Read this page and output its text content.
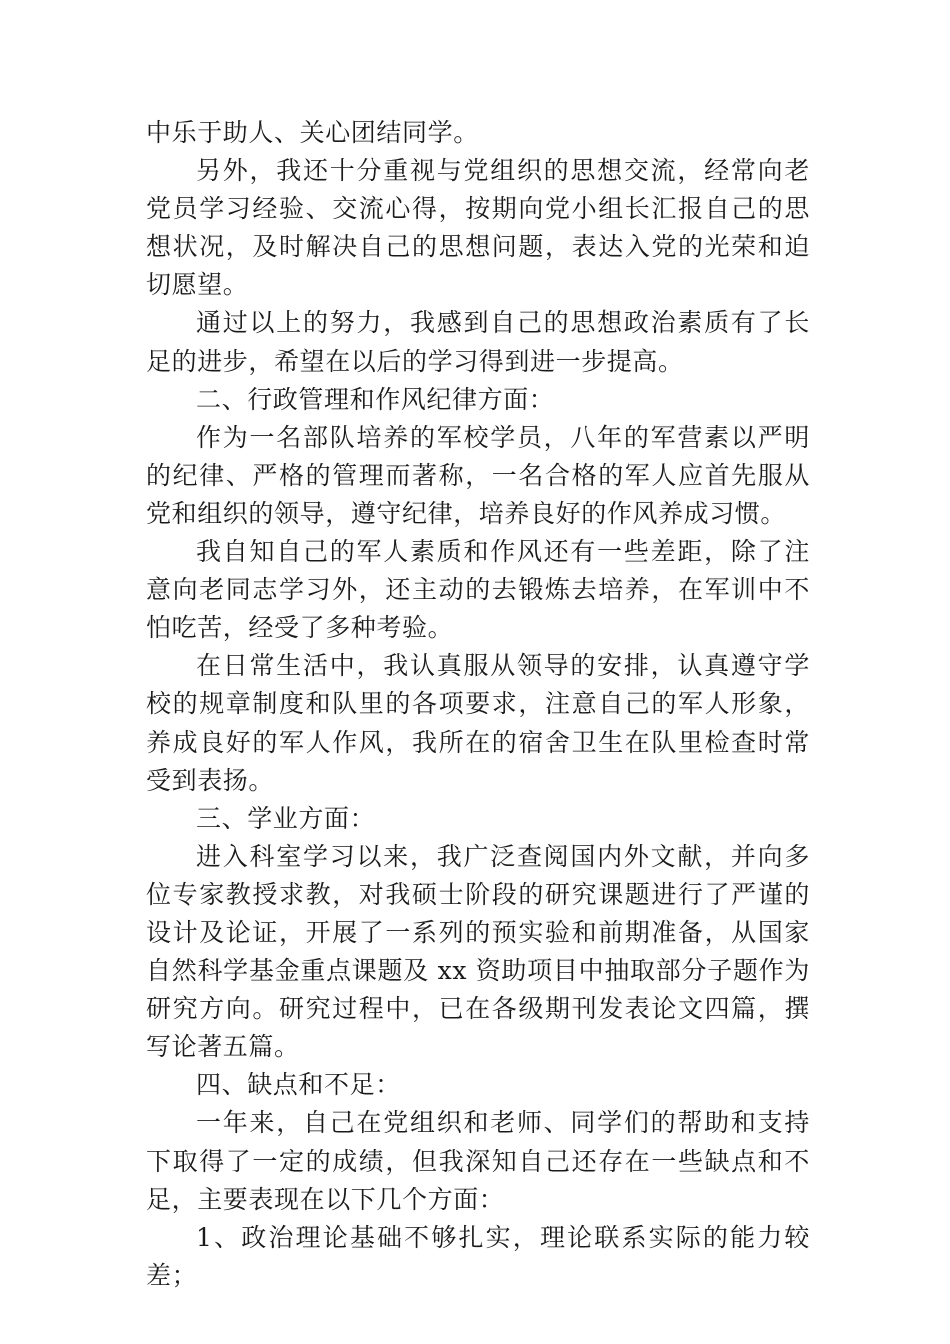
中乐于助人、关心团结同学。

另外，我还十分重视与党组织的思想交流，经常向老党员学习经验、交流心得，按期向党小组长汇报自己的思想状况，及时解决自己的思想问题，表达入党的光荣和迫切愿望。

通过以上的努力，我感到自己的思想政治素质有了长足的进步，希望在以后的学习得到进一步提高。

二、行政管理和作风纪律方面：

作为一名部队培养的军校学员，八年的军营素以严明的纪律、严格的管理而著称，一名合格的军人应首先服从党和组织的领导，遵守纪律，培养良好的作风养成习惯。

我自知自己的军人素质和作风还有一些差距，除了注意向老同志学习外，还主动的去锻炼去培养，在军训中不怕吃苦，经受了多种考验。

在日常生活中，我认真服从领导的安排，认真遵守学校的规章制度和队里的各项要求，注意自己的军人形象，养成良好的军人作风，我所在的宿舍卫生在队里检查时常受到表扬。

三、学业方面：

进入科室学习以来，我广泛查阅国内外文献，并向多位专家教授求教，对我硕士阶段的研究课题进行了严谨的设计及论证，开展了一系列的预实验和前期准备，从国家自然科学基金重点课题及 xx 资助项目中抽取部分子题作为研究方向。研究过程中，已在各级期刊发表论文四篇，撰写论著五篇。

四、缺点和不足：

一年来，自己在党组织和老师、同学们的帮助和支持下取得了一定的成绩，但我深知自己还存在一些缺点和不足，主要表现在以下几个方面：

1、政治理论基础不够扎实，理论联系实际的能力较差；
